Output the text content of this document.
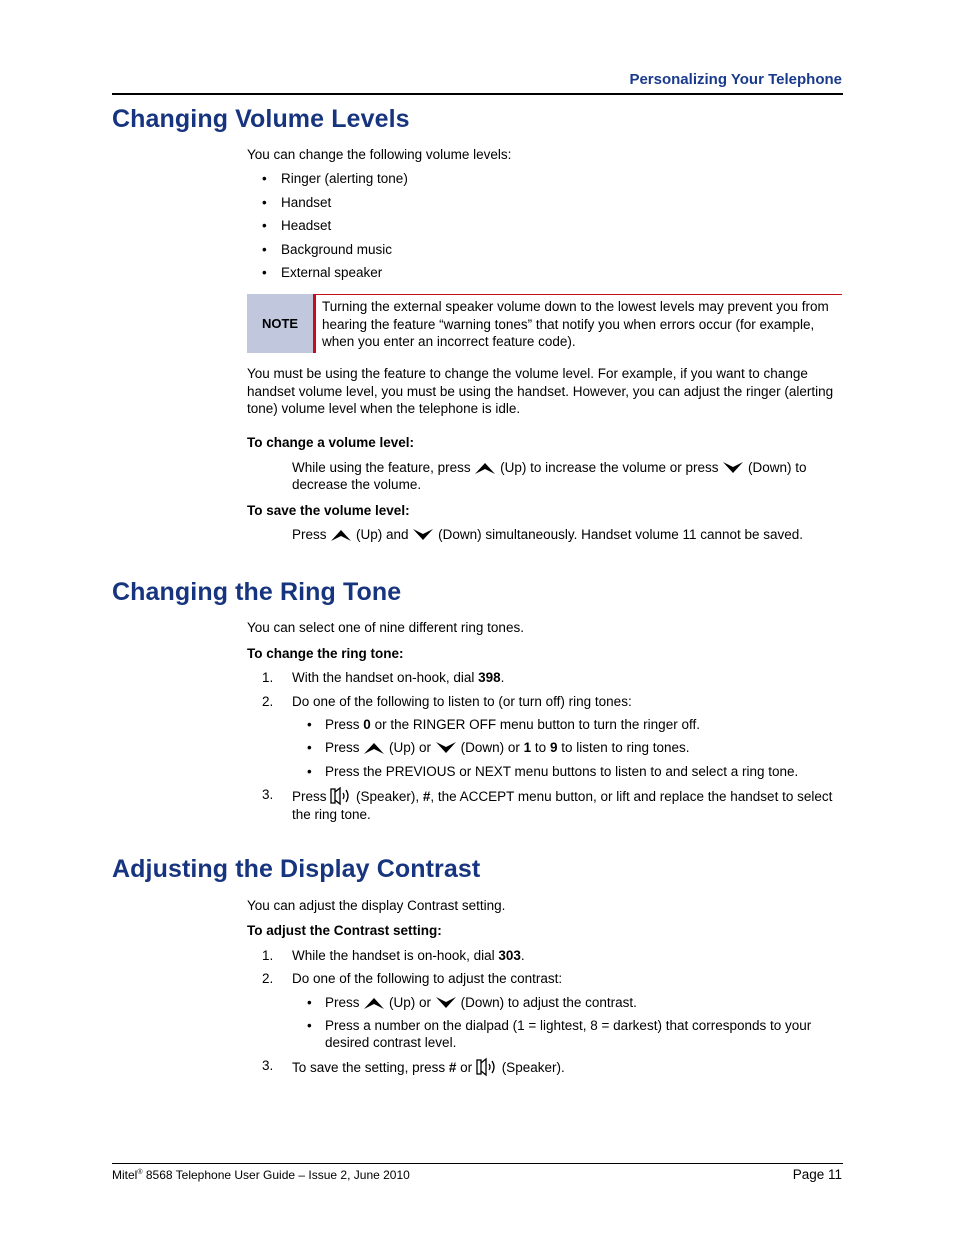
Personalizing Your Telephone
Changing Volume Levels
You can change the following volume levels:
• Ringer (alerting tone)
• Handset
• Headset
• Background music
• External speaker
NOTE
Turning the external speaker volume down to the lowest levels may prevent you from hearing the feature “warning tones” that notify you when errors occur (for example, when you enter an incorrect feature code).
You must be using the feature to change the volume level. For example, if you want to change handset volume level, you must be using the handset. However, you can adjust the ringer (alerting tone) volume level when the telephone is idle.
To change a volume level:
While using the feature, press (Up) to increase the volume or press (Down) to decrease the volume.
To save the volume level:
Press (Up) and (Down) simultaneously. Handset volume 11 cannot be saved.
Changing the Ring Tone
You can select one of nine different ring tones.
To change the ring tone:
1. With the handset on-hook, dial 398.
2. Do one of the following to listen to (or turn off) ring tones:
• Press 0 or the RINGER OFF menu button to turn the ringer off.
• Press (Up) or (Down) or 1 to 9 to listen to ring tones.
• Press the PREVIOUS or NEXT menu buttons to listen to and select a ring tone.
3. Press (Speaker), #, the ACCEPT menu button, or lift and replace the handset to select the ring tone.
Adjusting the Display Contrast
You can adjust the display Contrast setting.
To adjust the Contrast setting:
1. While the handset is on-hook, dial 303.
2. Do one of the following to adjust the contrast:
• Press (Up) or (Down) to adjust the contrast.
• Press a number on the dialpad (1 = lightest, 8 = darkest) that corresponds to your desired contrast level.
3. To save the setting, press # or (Speaker).
Mitel® 8568 Telephone User Guide – Issue 2, June 2010	Page 11
